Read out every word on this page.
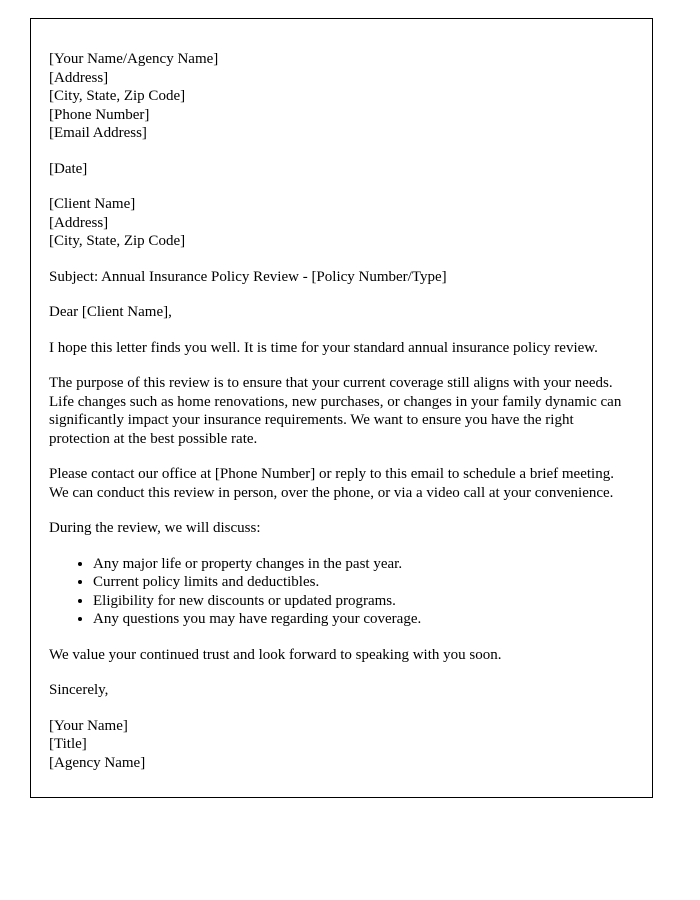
[Your Name/Agency Name]
[Address]
[City, State, Zip Code]
[Phone Number]
[Email Address]
[Date]
[Client Name]
[Address]
[City, State, Zip Code]

Subject: Annual Insurance Policy Review - [Policy Number/Type]

Dear [Client Name],

I hope this letter finds you well. It is time for your standard annual insurance policy review.

The purpose of this review is to ensure that your current coverage still aligns with your needs. Life changes such as home renovations, new purchases, or changes in your family dynamic can significantly impact your insurance requirements. We want to ensure you have the right protection at the best possible rate.

Please contact our office at [Phone Number] or reply to this email to schedule a brief meeting. We can conduct this review in person, over the phone, or via a video call at your convenience.

During the review, we will discuss:

• Any major life or property changes in the past year.
• Current policy limits and deductibles.
• Eligibility for new discounts or updated programs.
• Any questions you may have regarding your coverage.

We value your continued trust and look forward to speaking with you soon.

Sincerely,

[Your Name]
[Title]
[Agency Name]
